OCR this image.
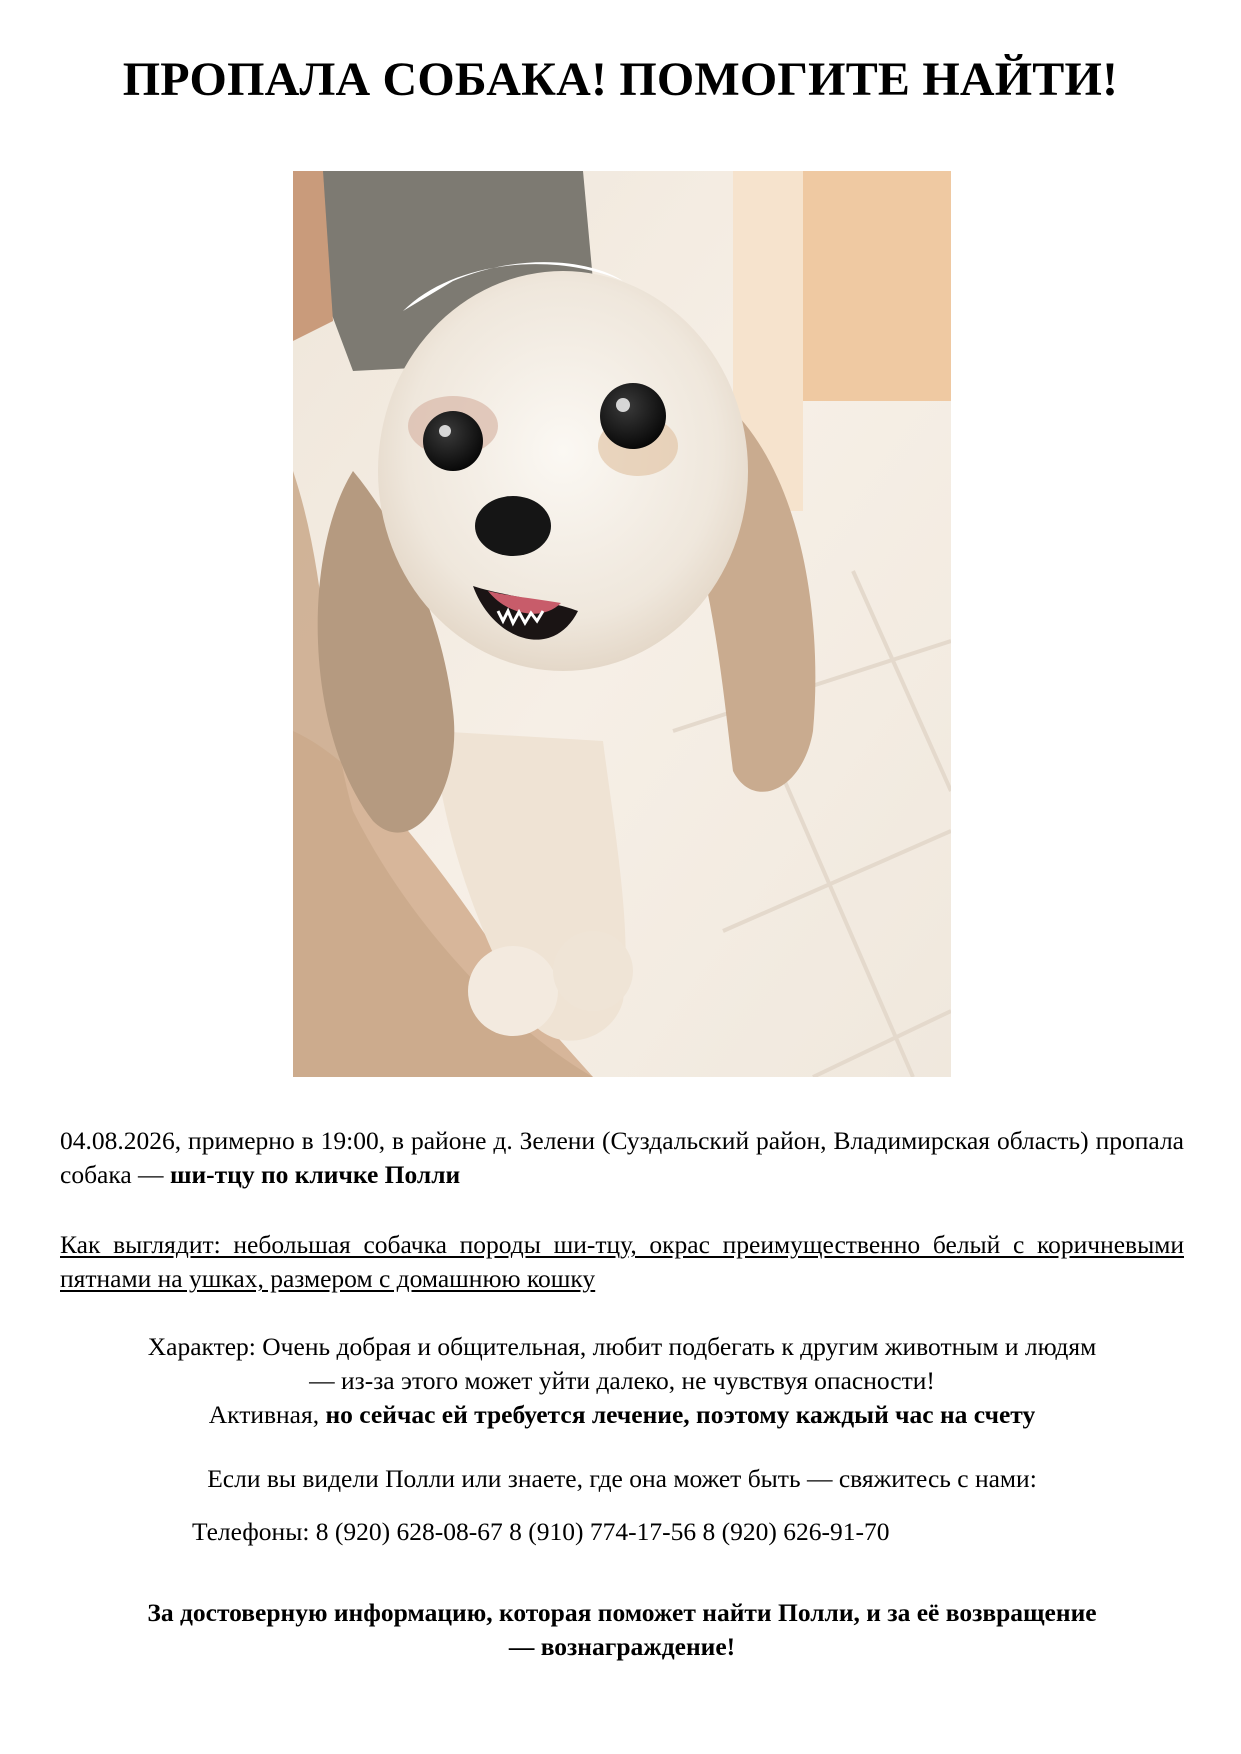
ПРОПАЛА СОБАКА! ПОМОГИТЕ НАЙТИ!
04.08.2026, примерно в 19:00, в районе д. Зелени (Суздальский район, Владимирская область) пропала собака — ши-тцу по кличке Полли
Как выглядит: небольшая собачка породы ши-тцу, окрас преимущественно белый с коричневыми пятнами на ушках, размером с домашнюю кошку
Характер: Очень добрая и общительная, любит подбегать к другим животным и людям
— из-за этого может уйти далеко, не чувствуя опасности!
Активная, но сейчас ей требуется лечение, поэтому каждый час на счету
Если вы видели Полли или знаете, где она может быть — свяжитесь с нами:
Телефоны: 8 (920) 628-08-67 8 (910) 774-17-56 8 (920) 626-91-70
За достоверную информацию, которая поможет найти Полли, и за её возвращение
— вознаграждение!
